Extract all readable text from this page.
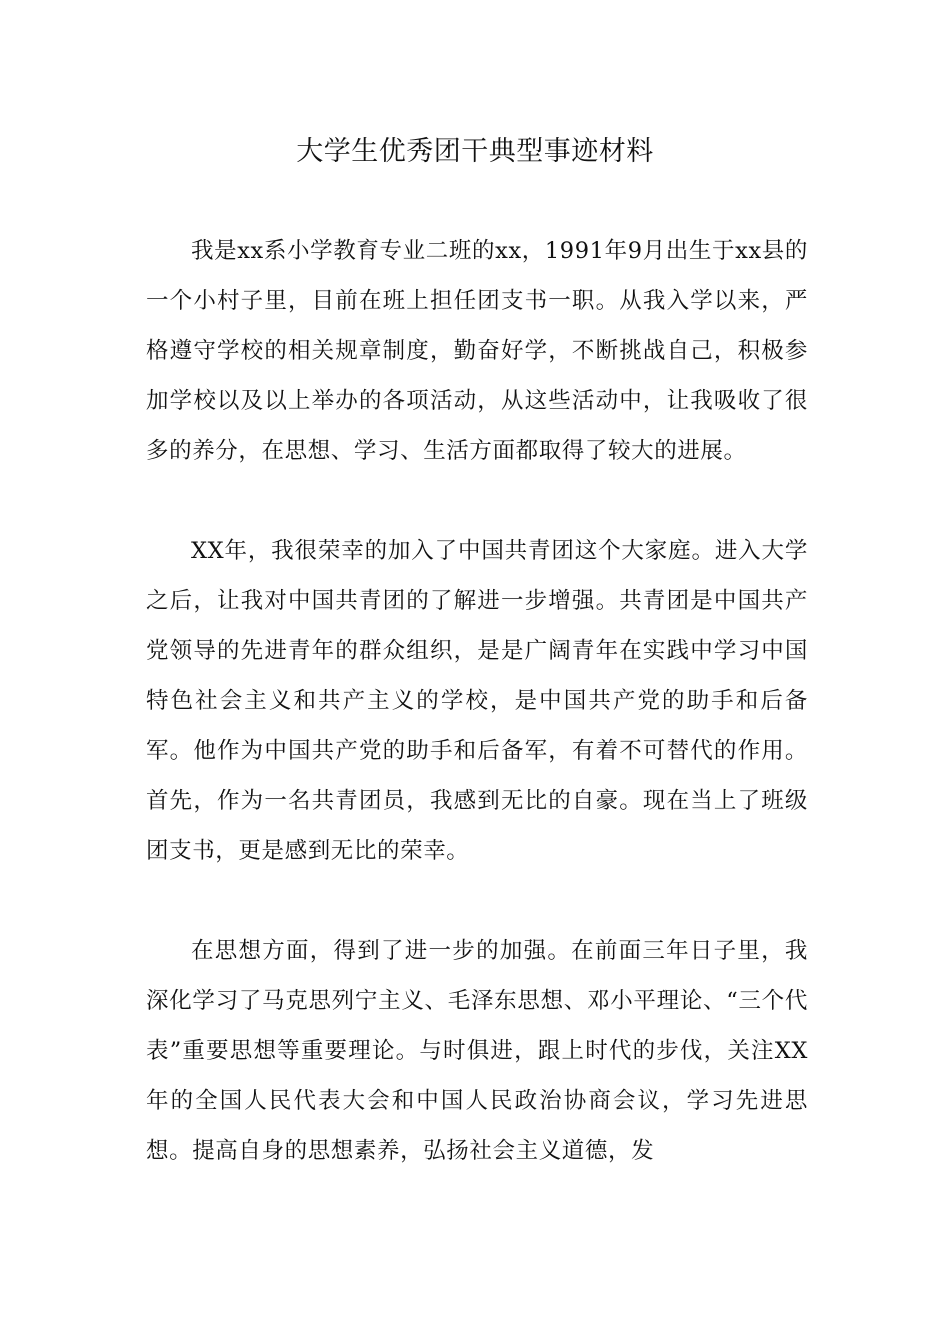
大学生优秀团干典型事迹材料

我是xx系小学教育专业二班的xx，1991年9月出生于xx县的一个小村子里，目前在班上担任团支书一职。从我入学以来，严格遵守学校的相关规章制度，勤奋好学，不断挑战自己，积极参加学校以及以上举办的各项活动，从这些活动中，让我吸收了很多的养分，在思想、学习、生活方面都取得了较大的进展。

XX年，我很荣幸的加入了中国共青团这个大家庭。进入大学之后，让我对中国共青团的了解进一步增强。共青团是中国共产党领导的先进青年的群众组织，是是广阔青年在实践中学习中国特色社会主义和共产主义的学校，是中国共产党的助手和后备军。他作为中国共产党的助手和后备军，有着不可替代的作用。首先，作为一名共青团员，我感到无比的自豪。现在当上了班级团支书，更是感到无比的荣幸。

在思想方面，得到了进一步的加强。在前面三年日子里，我深化学习了马克思列宁主义、毛泽东思想、邓小平理论、“三个代表”重要思想等重要理论。与时俱进，跟上时代的步伐，关注XX年的全国人民代表大会和中国人民政治协商会议，学习先进思想。提高自身的思想素养，弘扬社会主义道德，发
